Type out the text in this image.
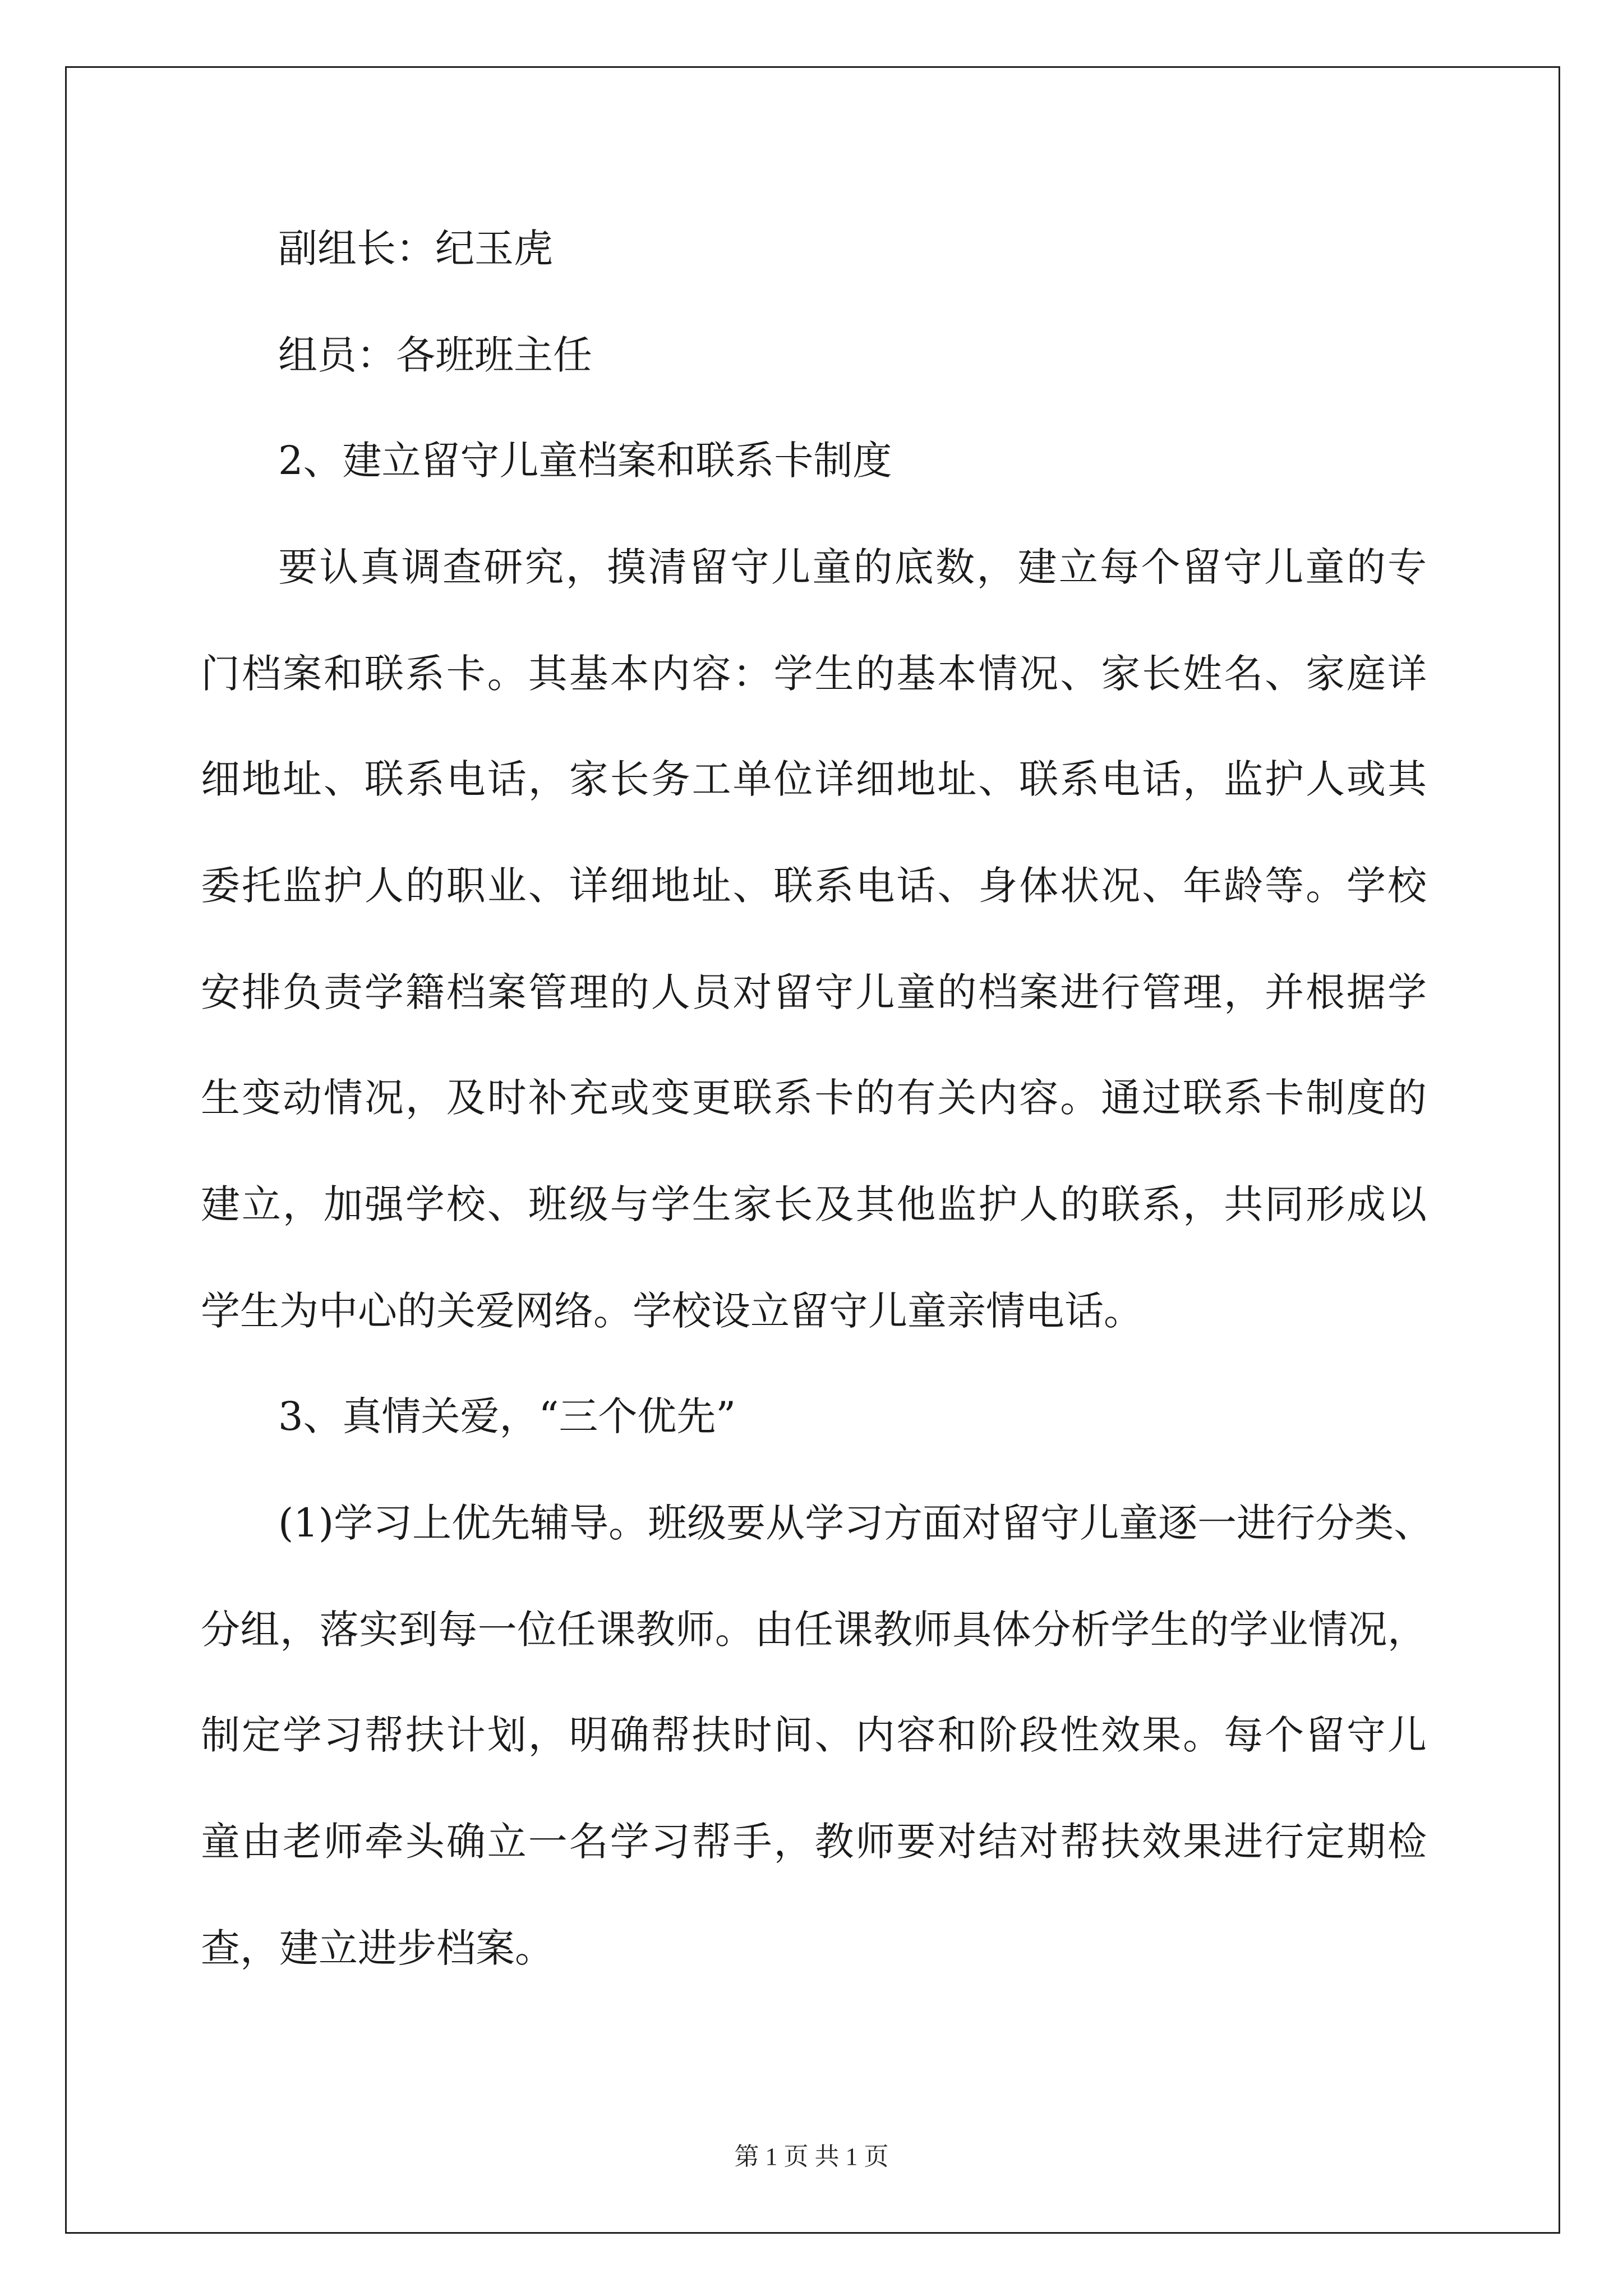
副组长：纪玉虎
组员：各班班主任
2、建立留守儿童档案和联系卡制度
要认真调查研究，摸清留守儿童的底数，建立每个留守儿童的专
门档案和联系卡。其基本内容：学生的基本情况、家长姓名、家庭详
细地址、联系电话，家长务工单位详细地址、联系电话，监护人或其
委托监护人的职业、详细地址、联系电话、身体状况、年龄等。学校
安排负责学籍档案管理的人员对留守儿童的档案进行管理，并根据学
生变动情况，及时补充或变更联系卡的有关内容。通过联系卡制度的
建立，加强学校、班级与学生家长及其他监护人的联系，共同形成以
学生为中心的关爱网络。学校设立留守儿童亲情电话。
3、真情关爱，“三个优先”
(1)学习上优先辅导。班级要从学习方面对留守儿童逐一进行分类、
分组，落实到每一位任课教师。由任课教师具体分析学生的学业情况，
制定学习帮扶计划，明确帮扶时间、内容和阶段性效果。每个留守儿
童由老师牵头确立一名学习帮手，教师要对结对帮扶效果进行定期检
查，建立进步档案。
第 1 页 共 1 页
